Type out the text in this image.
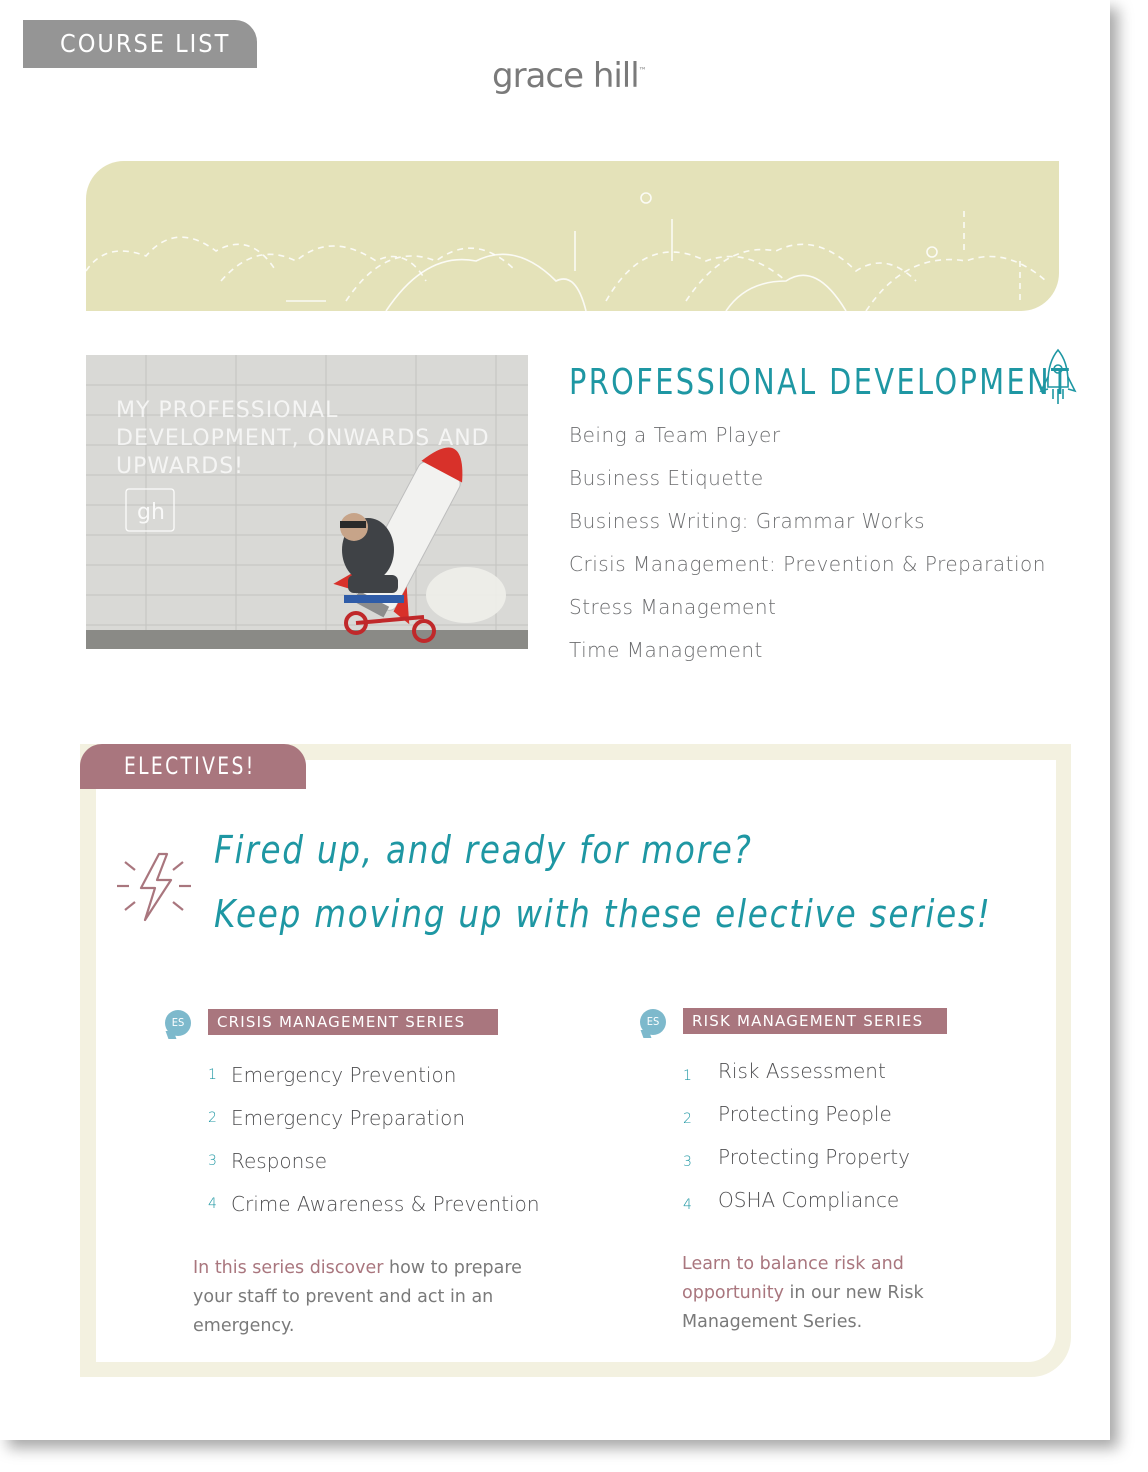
COURSE LIST
grace hill™
MY PROFESSIONAL
DEVELOPMENT, ONWARDS AND
UPWARDS!
gh
PROFESSIONAL DEVELOPMENT
Being a Team Player
Business Etiquette
Business Writing: Grammar Works
Crisis Management: Prevention & Preparation
Stress Management
Time Management
ELECTIVES!
Fired up, and ready for more?
Keep moving up with these elective series!
ES	CRISIS MANAGEMENT SERIES
1 Emergency Prevention
2 Emergency Preparation
3 Response
4 Crime Awareness & Prevention
In this series discover how to prepare your staff to prevent and act in an emergency.
ES	RISK MANAGEMENT SERIES
1 Risk Assessment
2 Protecting People
3 Protecting Property
4 OSHA Compliance
Learn to balance risk and opportunity in our new Risk Management Series.
